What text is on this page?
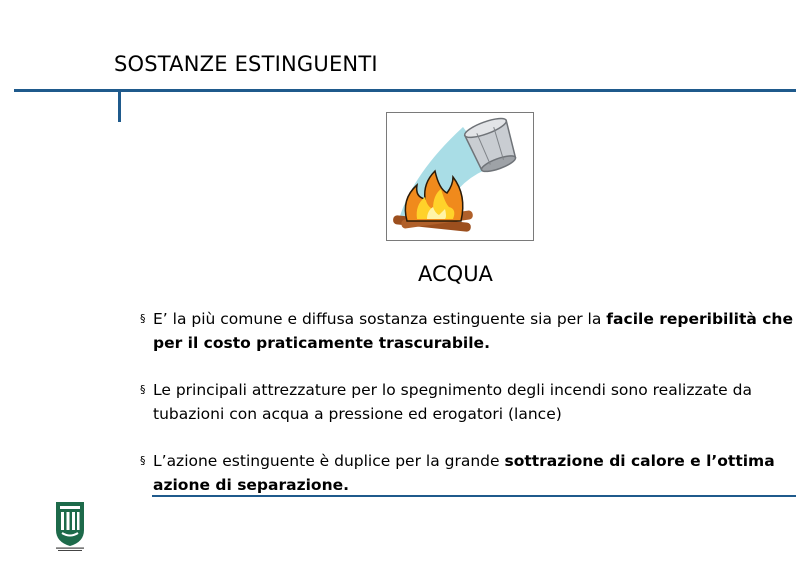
SOSTANZE ESTINGUENTI
ACQUA
§ E’ la più comune e diffusa sostanza estinguente sia per la facile reperibilità che per il costo praticamente trascurabile.
§ Le principali attrezzature per lo spegnimento degli incendi sono realizzate da tubazioni con acqua a pressione ed erogatori (lance)
§ L’azione estinguente è duplice per la grande sottrazione di calore e l’ottima azione di separazione.
